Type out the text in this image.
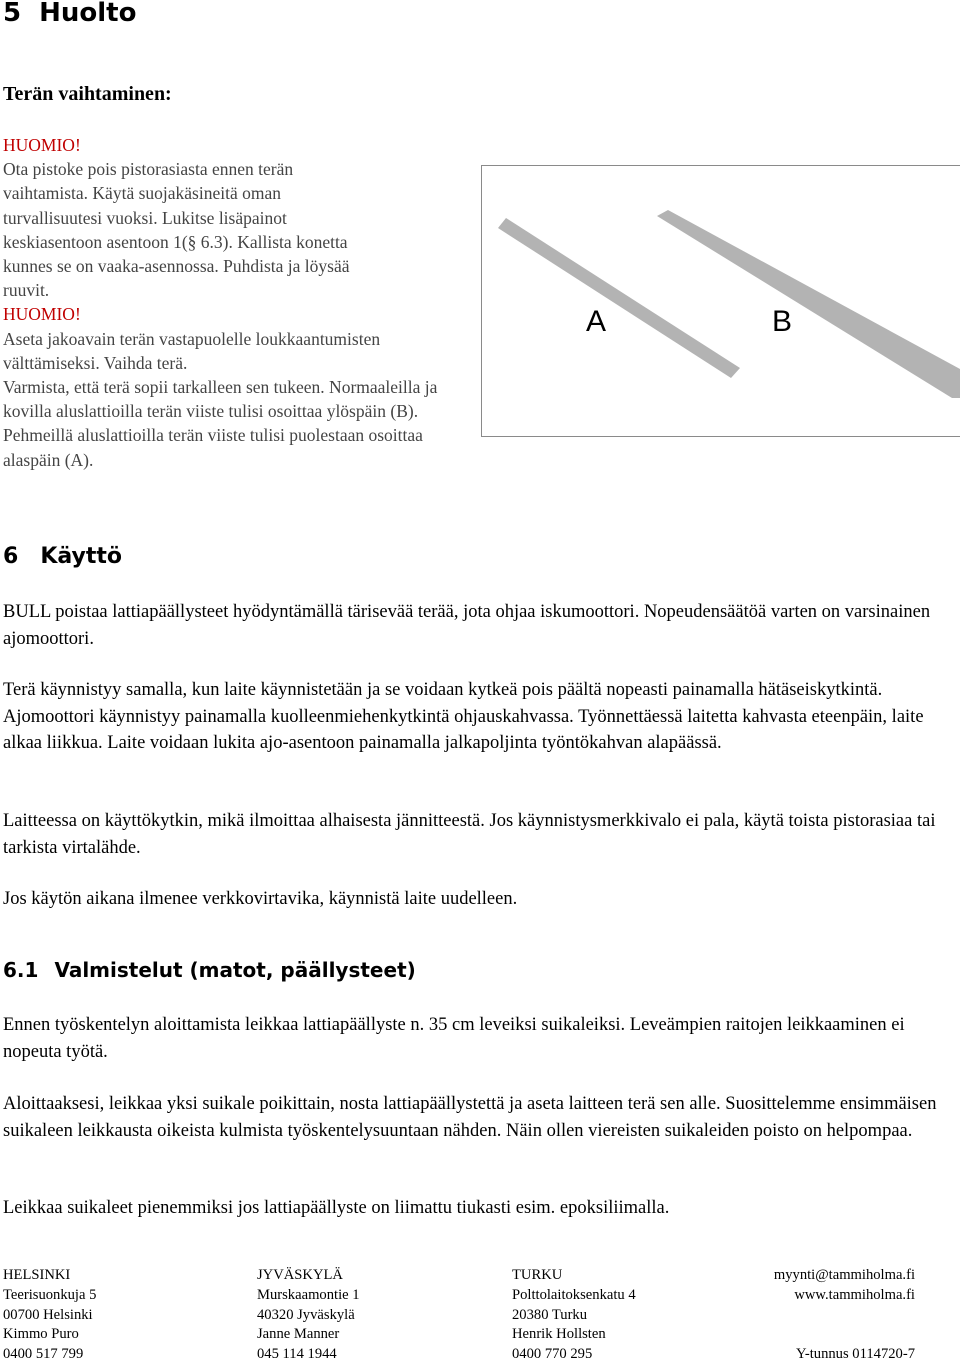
5 Huolto
Terän vaihtaminen:
HUOMIO!
Ota pistoke pois pistorasiasta ennen terän vaihtamista. Käytä suojakäsineitä oman turvallisuutesi vuoksi. Lukitse lisäpainot keskiasentoon asentoon 1(§ 6.3). Kallista konetta kunnes se on vaaka-asennossa. Puhdista ja löysää ruuvit.
HUOMIO!
Aseta jakoavain terän vastapuolelle loukkaantumisten välttämiseksi. Vaihda terä.
Varmista, että terä sopii tarkalleen sen tukeen. Normaaleilla ja kovilla aluslattioilla terän viiste tulisi osoittaa ylöspäin (B). Pehmeillä aluslattioilla terän viiste tulisi puolestaan osoittaa alaspäin (A).
A	B
6 Käyttö
BULL poistaa lattiapäällysteet hyödyntämällä tärisevää terää, jota ohjaa iskumoottori. Nopeudensäätöä varten on varsinainen ajomoottori.
Terä käynnistyy samalla, kun laite käynnistetään ja se voidaan kytkeä pois päältä nopeasti painamalla hätäseiskytkintä. Ajomoottori käynnistyy painamalla kuolleenmiehenkytkintä ohjauskahvassa. Työnnettäessä laitetta kahvasta eteenpäin, laite alkaa liikkua. Laite voidaan lukita ajo-asentoon painamalla jalkapoljinta työntökahvan alapäässä.
Laitteessa on käyttökytkin, mikä ilmoittaa alhaisesta jännitteestä. Jos käynnistysmerkkivalo ei pala, käytä toista pistorasiaa tai tarkista virtalähde.
Jos käytön aikana ilmenee verkkovirtavika, käynnistä laite uudelleen.
6.1 Valmistelut (matot, päällysteet)
Ennen työskentelyn aloittamista leikkaa lattiapäällyste n. 35 cm leveiksi suikaleiksi. Leveämpien raitojen leikkaaminen ei nopeuta työtä.
Aloittaaksesi, leikkaa yksi suikale poikittain, nosta lattiapäällystettä ja aseta laitteen terä sen alle. Suosittelemme ensimmäisen suikaleen leikkausta oikeista kulmista työskentelysuuntaan nähden. Näin ollen viereisten suikaleiden poisto on helpompaa.
Leikkaa suikaleet pienemmiksi jos lattiapäällyste on liimattu tiukasti esim. epoksiliimalla.
HELSINKI
Teerisuonkuja 5
00700 Helsinki
Kimmo Puro
0400 517 799
JYVÄSKYLÄ
Murskaamontie 1
40320 Jyväskylä
Janne Manner
045 114 1944
TURKU
Polttolaitoksenkatu 4
20380 Turku
Henrik Hollsten
0400 770 295
myynti@tammiholma.fi
www.tammiholma.fi
Y-tunnus 0114720-7
